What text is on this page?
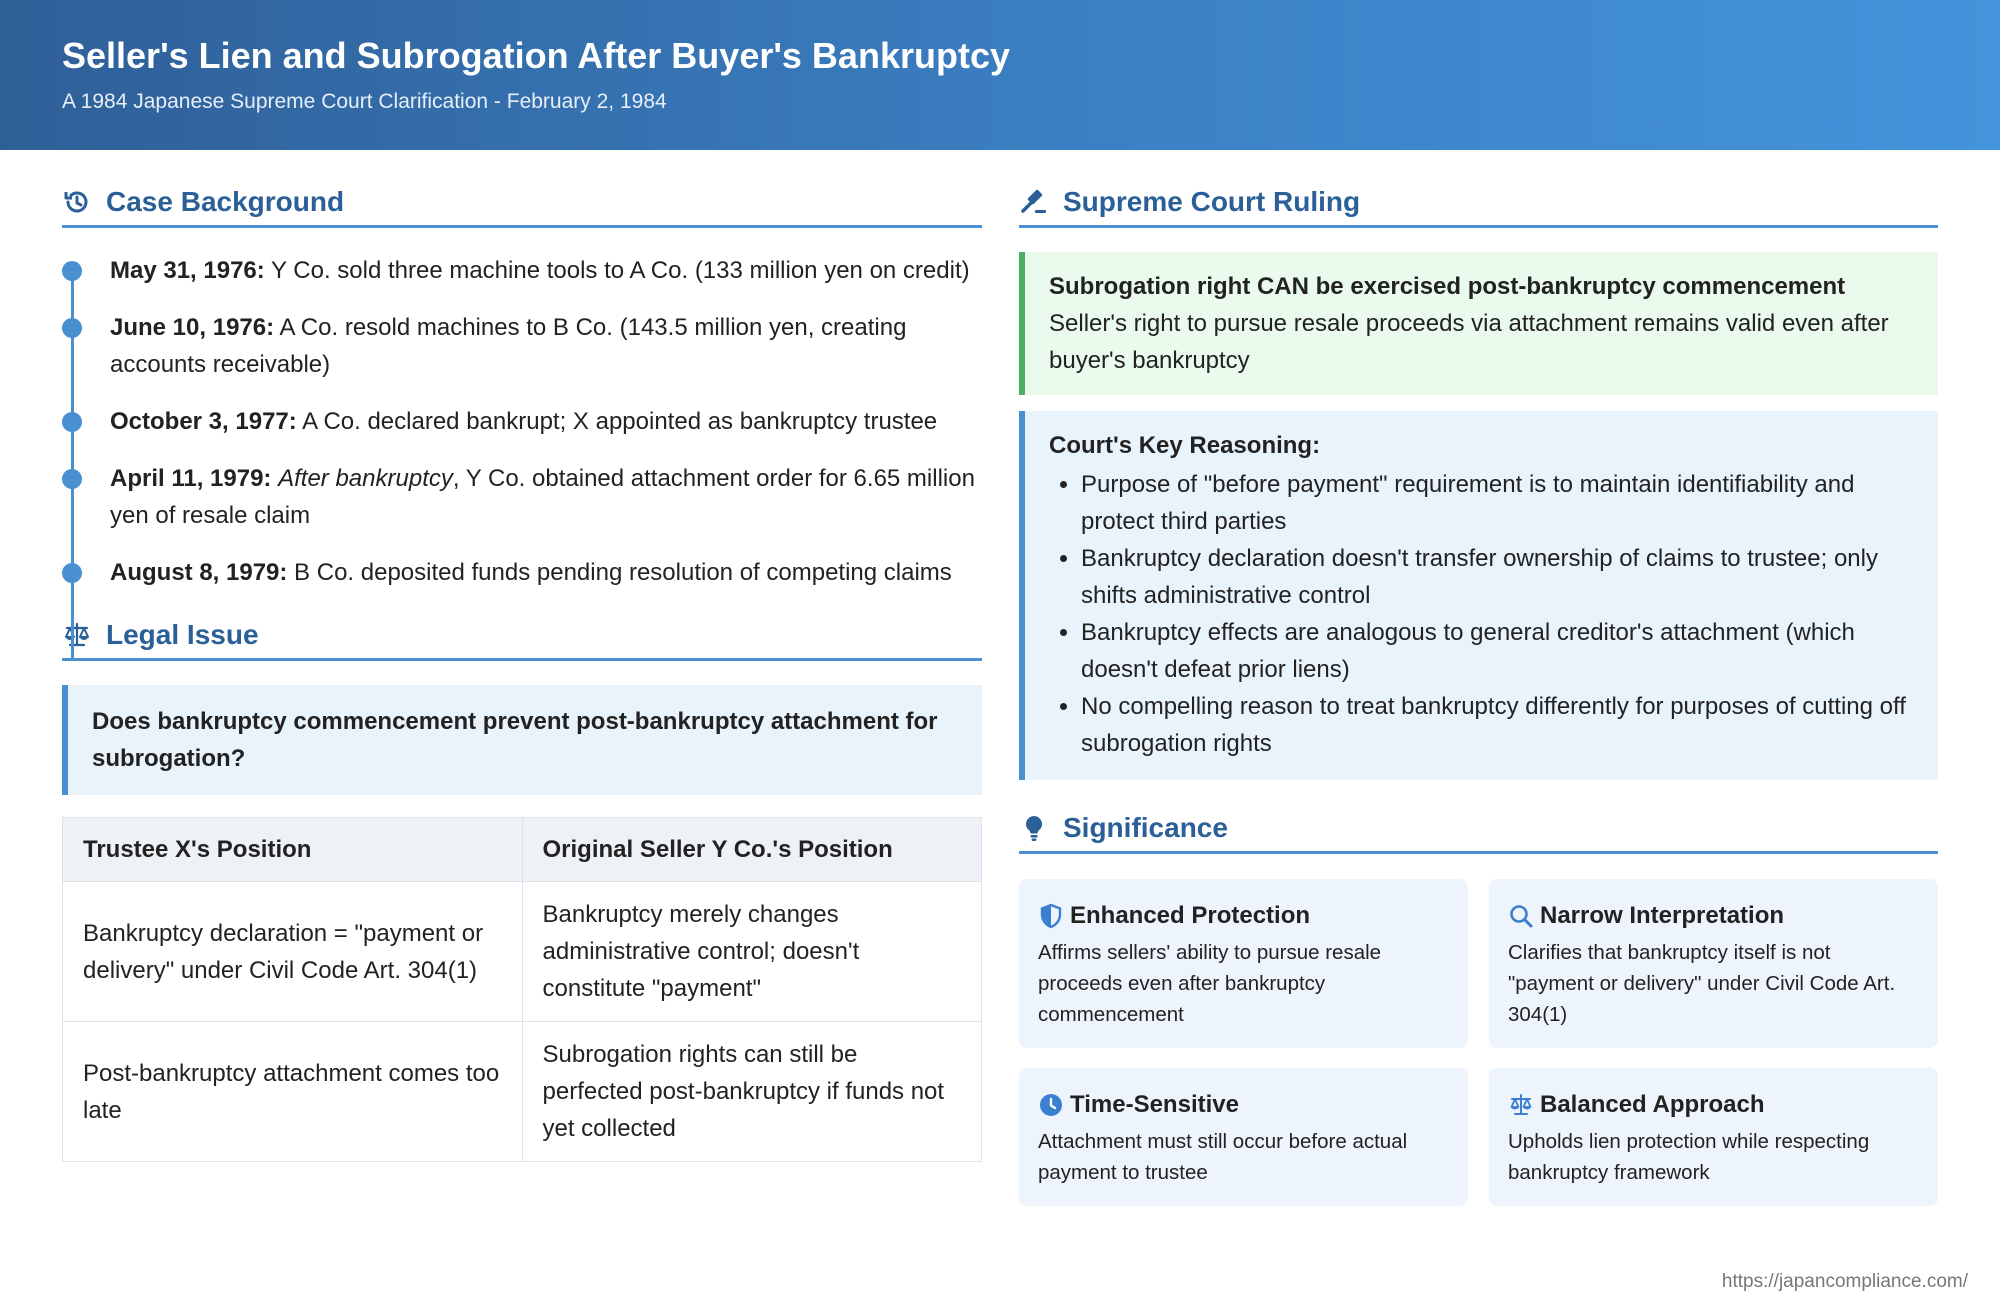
Seller's Lien and Subrogation After Buyer's Bankruptcy
A 1984 Japanese Supreme Court Clarification - February 2, 1984
Case Background
May 31, 1976: Y Co. sold three machine tools to A Co. (133 million yen on credit)
June 10, 1976: A Co. resold machines to B Co. (143.5 million yen, creating accounts receivable)
October 3, 1977: A Co. declared bankrupt; X appointed as bankruptcy trustee
April 11, 1979: After bankruptcy, Y Co. obtained attachment order for 6.65 million yen of resale claim
August 8, 1979: B Co. deposited funds pending resolution of competing claims
Legal Issue
Does bankruptcy commencement prevent post-bankruptcy attachment for subrogation?
Trustee X's Position	Original Seller Y Co.'s Position
Bankruptcy declaration = "payment or delivery" under Civil Code Art. 304(1)	Bankruptcy merely changes administrative control; doesn't constitute "payment"
Post-bankruptcy attachment comes too late	Subrogation rights can still be perfected post-bankruptcy if funds not yet collected
Supreme Court Ruling
Subrogation right CAN be exercised post-bankruptcy commencement
Seller's right to pursue resale proceeds via attachment remains valid even after buyer's bankruptcy
Court's Key Reasoning:
• Purpose of "before payment" requirement is to maintain identifiability and protect third parties
• Bankruptcy declaration doesn't transfer ownership of claims to trustee; only shifts administrative control
• Bankruptcy effects are analogous to general creditor's attachment (which doesn't defeat prior liens)
• No compelling reason to treat bankruptcy differently for purposes of cutting off subrogation rights
Significance
Enhanced Protection
Affirms sellers' ability to pursue resale proceeds even after bankruptcy commencement
Narrow Interpretation
Clarifies that bankruptcy itself is not "payment or delivery" under Civil Code Art. 304(1)
Time-Sensitive
Attachment must still occur before actual payment to trustee
Balanced Approach
Upholds lien protection while respecting bankruptcy framework
https://japancompliance.com/
